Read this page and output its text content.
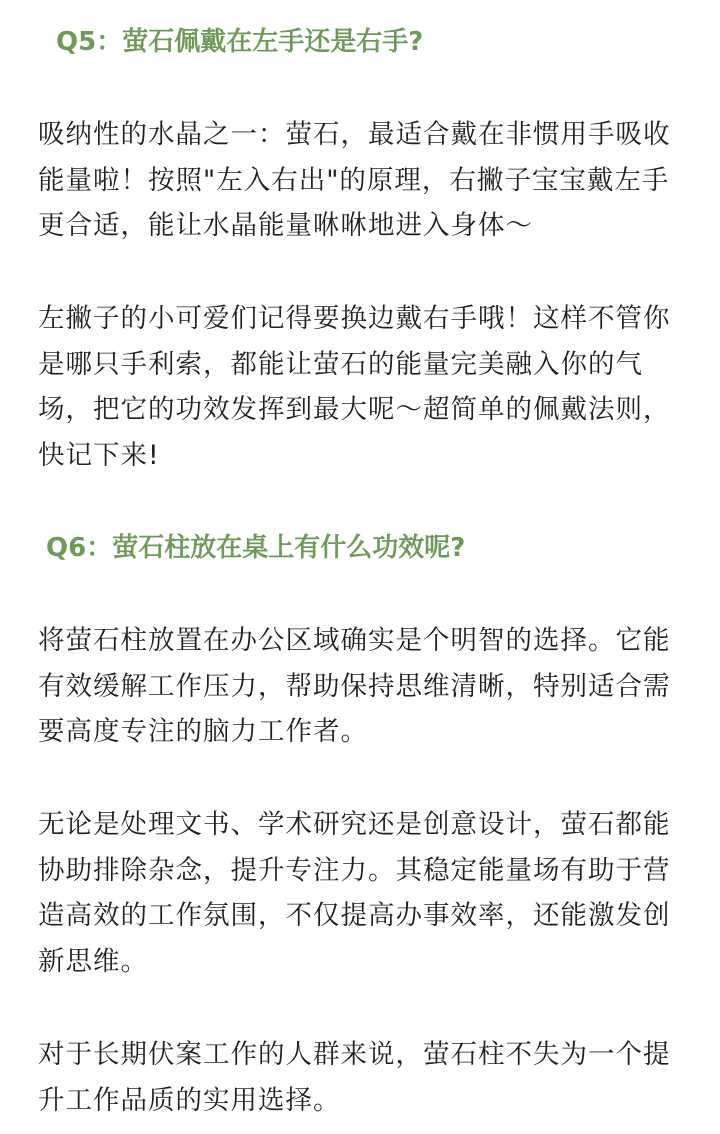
Q5：萤石佩戴在左手还是右手?

吸纳性的水晶之一：萤石，最适合戴在非惯用手吸收能量啦！按照"左入右出"的原理，右撇子宝宝戴左手更合适，能让水晶能量咻咻地进入身体～

左撇子的小可爱们记得要换边戴右手哦！这样不管你是哪只手利索，都能让萤石的能量完美融入你的气场，把它的功效发挥到最大呢～超简单的佩戴法则，快记下来!

Q6：萤石柱放在桌上有什么功效呢?

将萤石柱放置在办公区域确实是个明智的选择。它能有效缓解工作压力，帮助保持思维清晰，特别适合需要高度专注的脑力工作者。

无论是处理文书、学术研究还是创意设计，萤石都能协助排除杂念，提升专注力。其稳定能量场有助于营造高效的工作氛围，不仅提高办事效率，还能激发创新思维。

对于长期伏案工作的人群来说，萤石柱不失为一个提升工作品质的实用选择。
